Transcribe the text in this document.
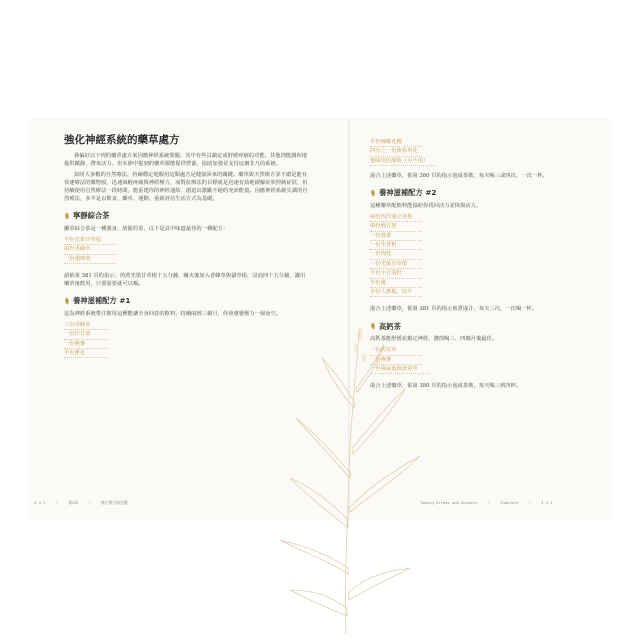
強化神經系統的藥草處方

我偏好以下列的藥草處方來因應神經系統問題，其中有些具鎮定或舒緩疼痛的功能，其他則能調和地提供鎮靜、帶來活力。但本節中提到的藥草都能提供營養，協助加強並支持這個非凡的系統。

如同大多數的自然療法，持續穩定地服用這類處方是健康回來的關鍵。藥草與天然療方並不總是能有快速療法的藥物般，迅速減輕疼痛與神經壓力，而對抗療法的目標就是迅速有效地緩解症狀控制症狀，但持續使用自然療法一段時間，能重建你的神經連結，創造出激勵不絕的充沛能量。因應神經系統失調的自然療法，多半是以飲食、藥草、運動、重新評估生活方式為基礎。

寧靜綜合茶

雖草綜合茶是一種強身、放鬆的茶，以下是具中味道最佳的一種配方：

半份光果甘草根
兩份香蜂草
一份貓薄荷

請依第 381 頁的指示，煎煮光果甘草根十五分鐘，關火後加入香蜂草與貓草根，浸泡四十五分鐘，濾出藥草後飲用，只要需要就可以喝。

養神滋補配方 #1

這為神經系統帶注飲用這種能讓全身回春的飲料，持續兩到三個月，你會感覺壓力一掃而空。

三份香蜂草
一份洋甘菊
一份燕麥
半份薰花
4 4 1	|	第5章	|	擁手壓力與焦慮
半份辣椒花穗
四分之一份黃春草花
蜜味用的甜菊（可不用）

混合上述藥草，依第 380 頁的指示泡成茶飲，每天喝三或四次，一次一杯。

養神滋補配方 #2

這種藥草配飲料能協助你找回活力並恢復活力。

兩份西洋蒲公英根
兩份刺五加
一份黃耆
一份牛蒡根
一份肉桂
一份光果甘草根
半份小豆蔻籽
半份薑
半份人蔘根、切片

混合上述藥草，依第 381 頁的指示煎煮成汁，每天三次，一次喝一杯。

高鈣茶

高鈣茶能舒緩並鎮定神經，濃煎喝三、四個月後最佳。

一份馬尾草
一份燕麥
一份蕁麻葉與黃春草

混合上述藥草，依第 380 頁的指示泡成茶飲，每天喝三到四杯。

Taming Stress and Anxiety	|	Chapter5	|	4 4 1
